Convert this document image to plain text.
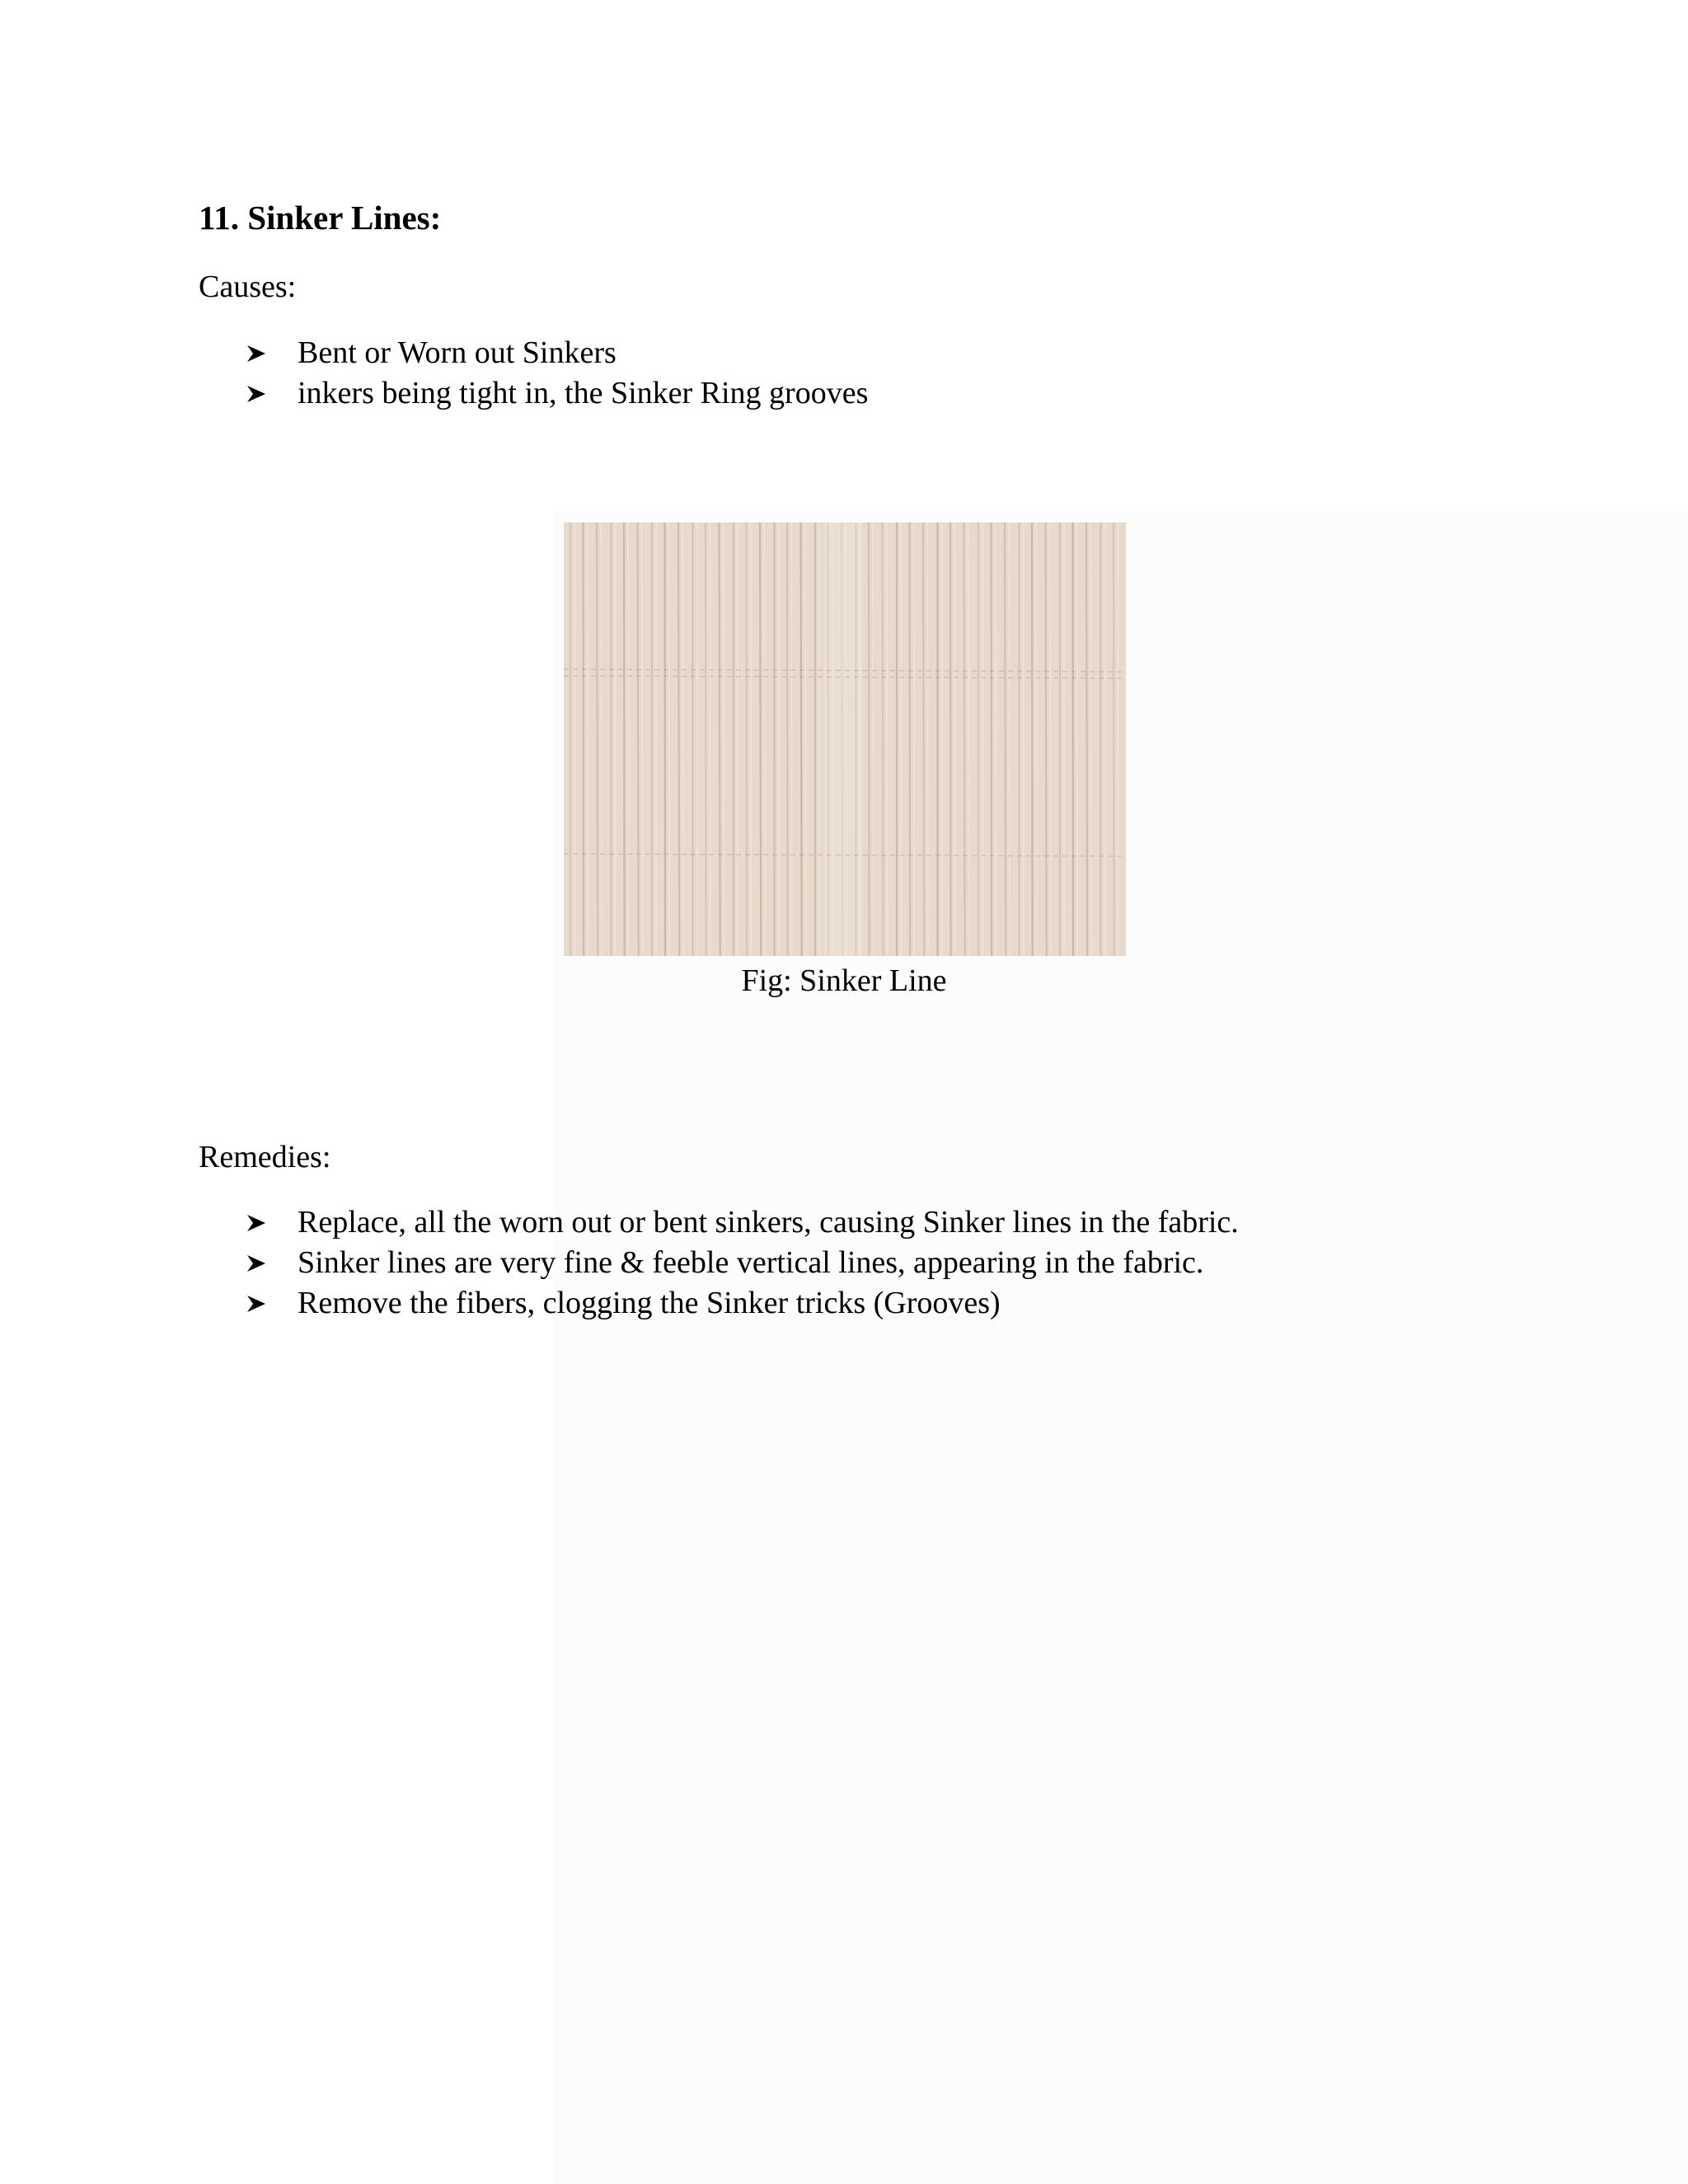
11. Sinker Lines:

Causes:

Bent or Worn out Sinkers
inkers being tight in, the Sinker Ring grooves

Fig: Sinker Line

Remedies:

Replace, all the worn out or bent sinkers, causing Sinker lines in the fabric.
Sinker lines are very fine & feeble vertical lines, appearing in the fabric.
Remove the fibers, clogging the Sinker tricks (Grooves)
